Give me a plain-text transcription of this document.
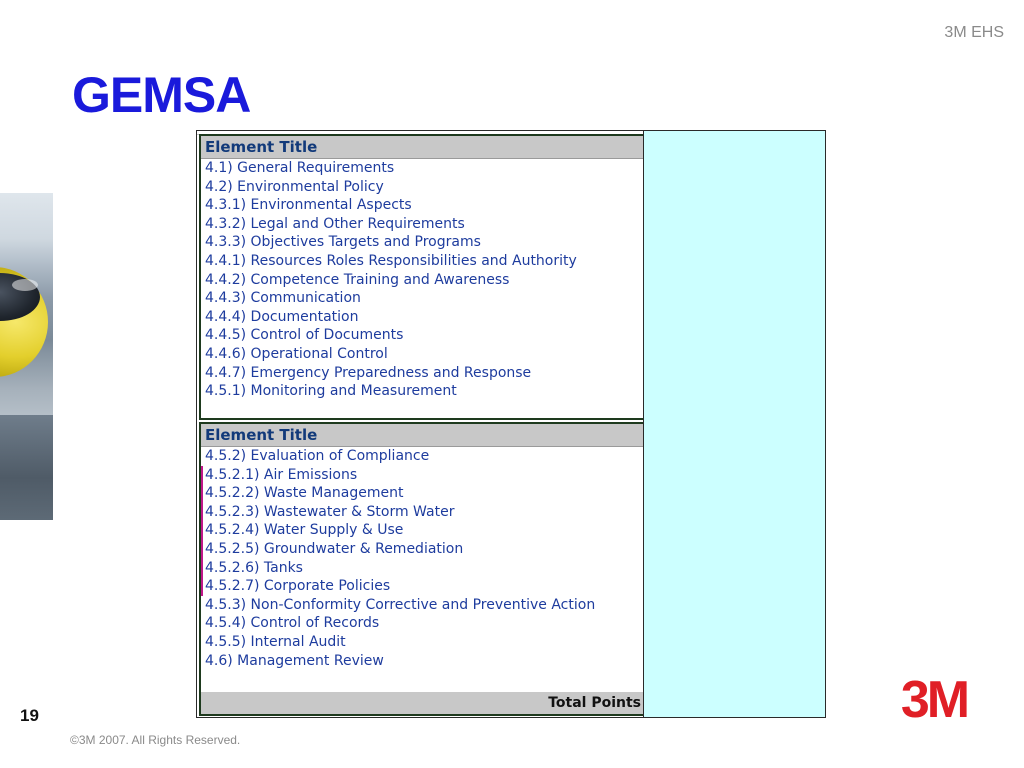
3M EHS
GEMSA
Element Title
4.1) General Requirements
4.2) Environmental Policy
4.3.1) Environmental Aspects
4.3.2) Legal and Other Requirements
4.3.3) Objectives Targets and Programs
4.4.1) Resources Roles Responsibilities and Authority
4.4.2) Competence Training and Awareness
4.4.3) Communication
4.4.4) Documentation
4.4.5) Control of Documents
4.4.6) Operational Control
4.4.7) Emergency Preparedness and Response
4.5.1) Monitoring and Measurement
Element Title
4.5.2) Evaluation of Compliance
4.5.2.1) Air Emissions
4.5.2.2) Waste Management
4.5.2.3) Wastewater & Storm Water
4.5.2.4) Water Supply & Use
4.5.2.5) Groundwater & Remediation
4.5.2.6) Tanks
4.5.2.7) Corporate Policies
4.5.3) Non-Conformity Corrective and Preventive Action
4.5.4) Control of Records
4.5.5) Internal Audit
4.6) Management Review
Total Points
19
©3M 2007. All Rights Reserved.
3M
